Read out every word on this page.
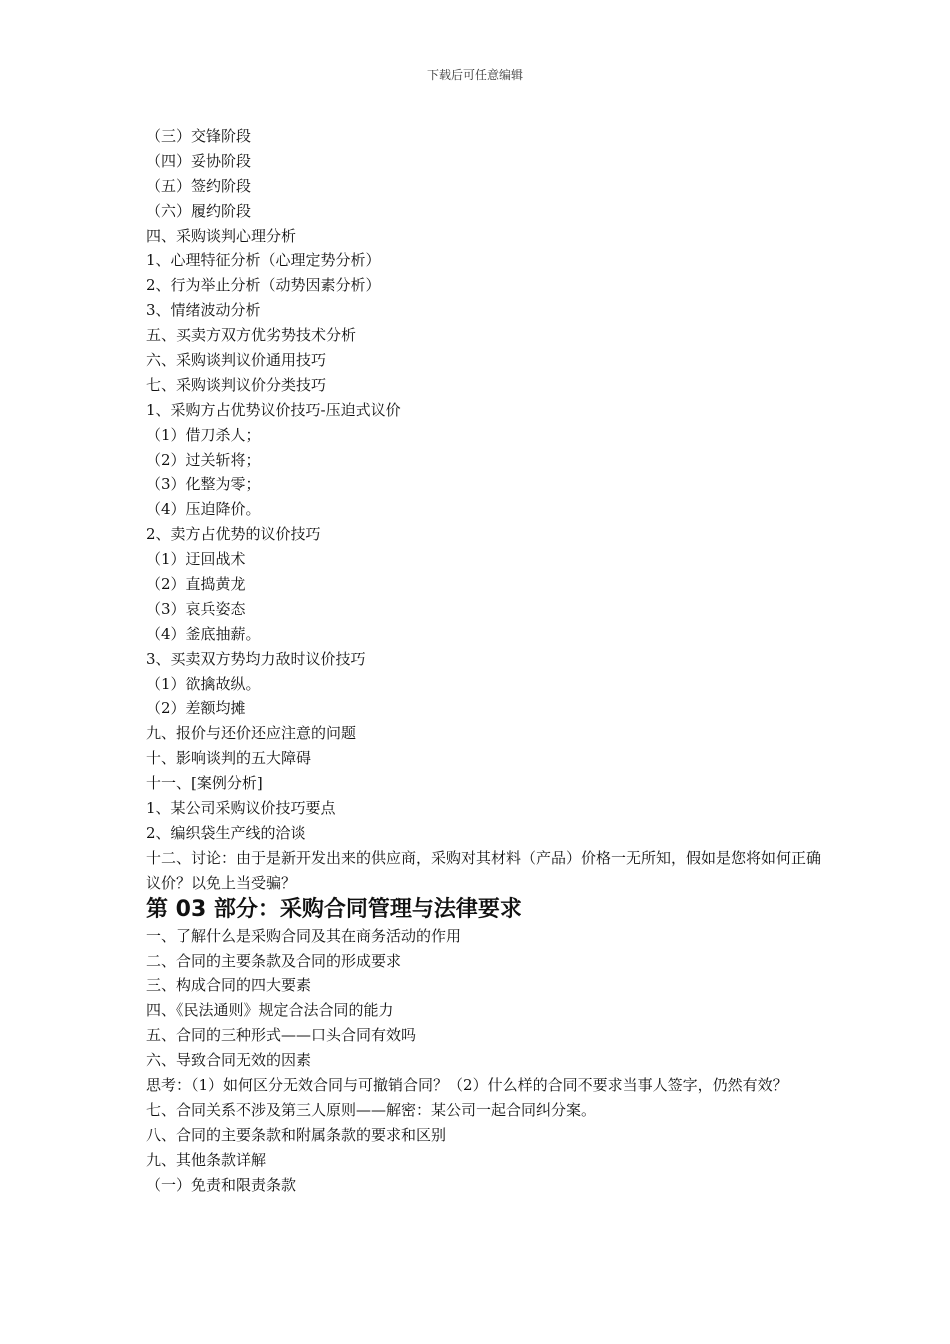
下载后可任意编辑
（三）交锋阶段
（四）妥协阶段
（五）签约阶段
（六）履约阶段
四、采购谈判心理分析
1、心理特征分析（心理定势分析）
2、行为举止分析（动势因素分析）
3、情绪波动分析
五、买卖方双方优劣势技术分析
六、采购谈判议价通用技巧
七、采购谈判议价分类技巧
1、采购方占优势议价技巧-压迫式议价
（1）借刀杀人；
（2）过关斩将；
（3）化整为零；
（4）压迫降价。
2、卖方占优势的议价技巧
（1）迂回战术
（2）直捣黄龙
（3）哀兵姿态
（4）釜底抽薪。
3、买卖双方势均力敌时议价技巧
（1）欲擒故纵。
（2）差额均摊
九、报价与还价还应注意的问题
十、影响谈判的五大障碍
十一、[案例分析]
1、某公司采购议价技巧要点
2、编织袋生产线的洽谈
十二、讨论：由于是新开发出来的供应商，采购对其材料（产品）价格一无所知，假如是您将如何正确议价？以免上当受骗？
第 03 部分：采购合同管理与法律要求
一、了解什么是采购合同及其在商务活动的作用
二、合同的主要条款及合同的形成要求
三、构成合同的四大要素
四、《民法通则》规定合法合同的能力
五、合同的三种形式——口头合同有效吗
六、导致合同无效的因素
思考：（1）如何区分无效合同与可撤销合同？（2）什么样的合同不要求当事人签字，仍然有效？
七、合同关系不涉及第三人原则——解密：某公司一起合同纠分案。
八、合同的主要条款和附属条款的要求和区别
九、其他条款详解
（一）免责和限责条款
